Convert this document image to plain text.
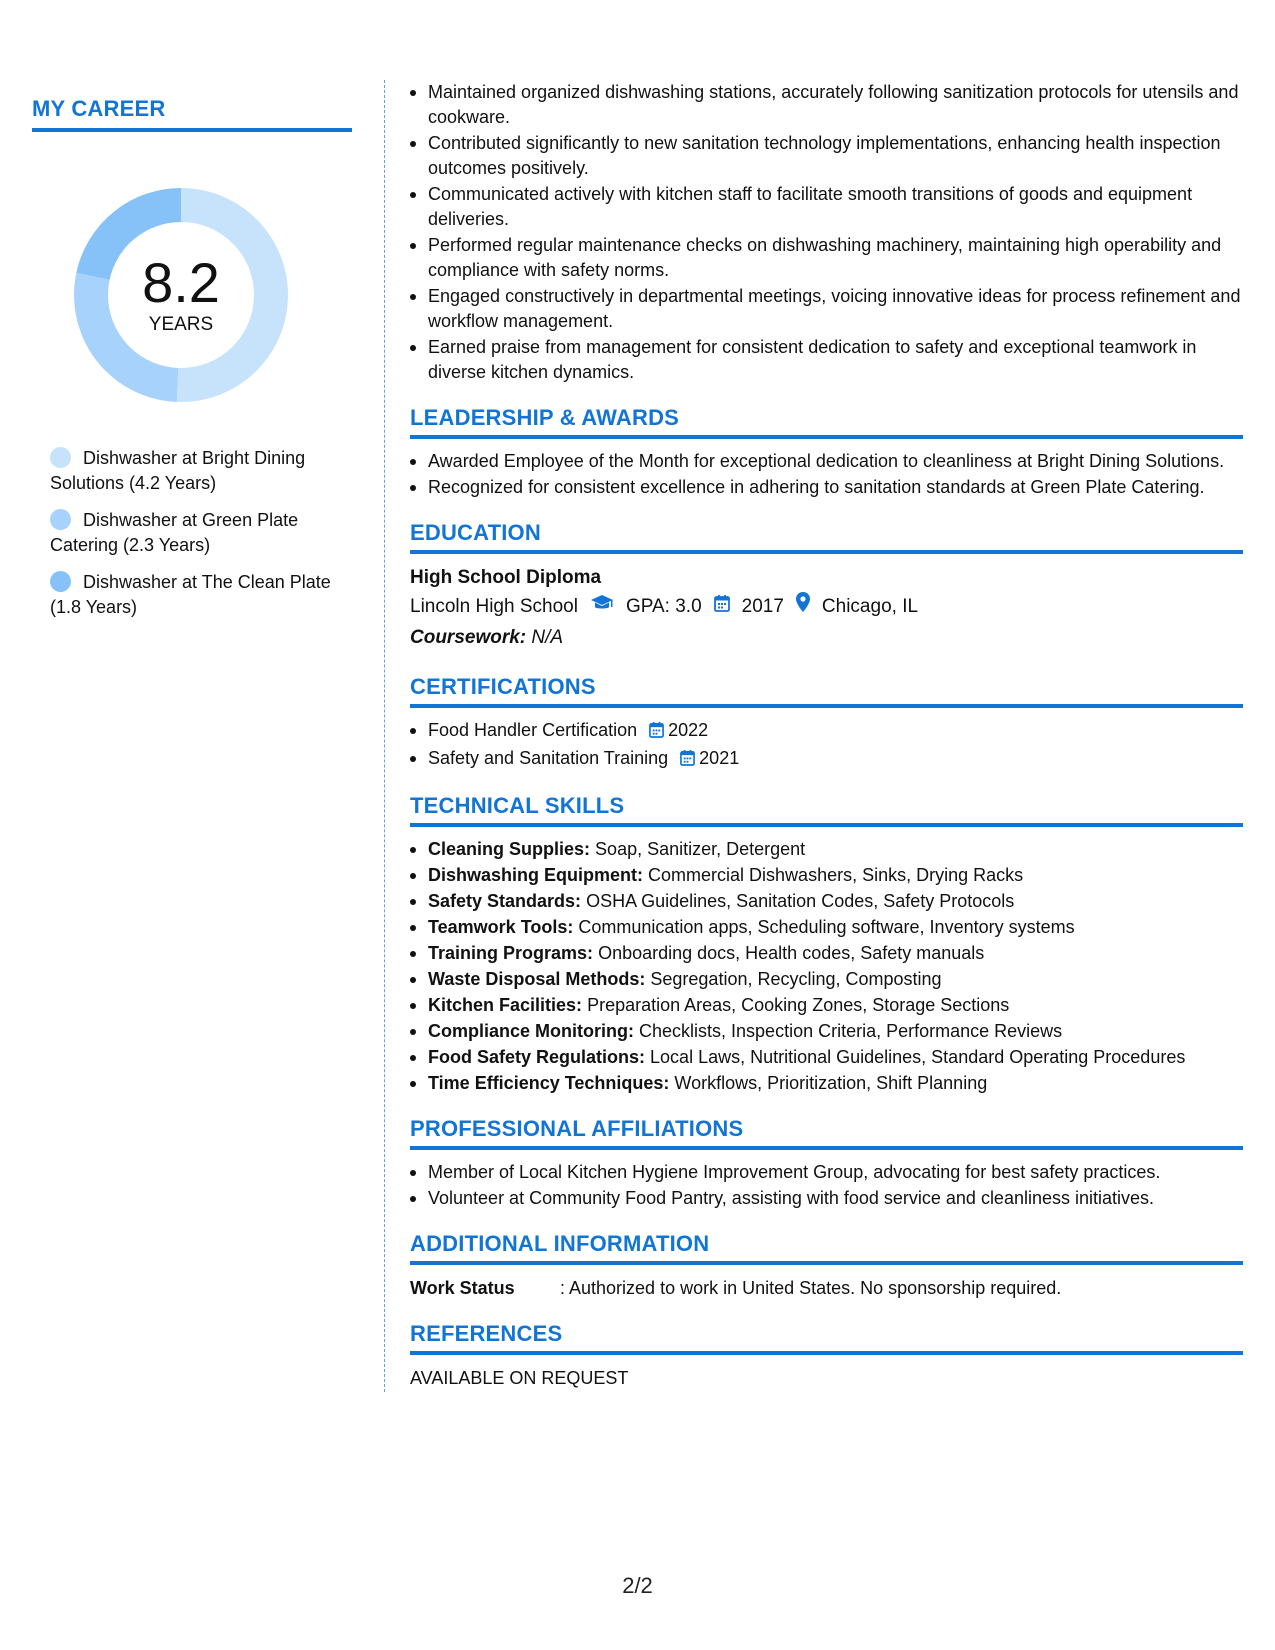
MY CAREER
8.2
YEARS
Dishwasher at Bright Dining Solutions (4.2 Years)
Dishwasher at Green Plate Catering (2.3 Years)
Dishwasher at The Clean Plate (1.8 Years)
Maintained organized dishwashing stations, accurately following sanitization protocols for utensils and cookware.
Contributed significantly to new sanitation technology implementations, enhancing health inspection outcomes positively.
Communicated actively with kitchen staff to facilitate smooth transitions of goods and equipment deliveries.
Performed regular maintenance checks on dishwashing machinery, maintaining high operability and compliance with safety norms.
Engaged constructively in departmental meetings, voicing innovative ideas for process refinement and workflow management.
Earned praise from management for consistent dedication to safety and exceptional teamwork in diverse kitchen dynamics.
LEADERSHIP & AWARDS
Awarded Employee of the Month for exceptional dedication to cleanliness at Bright Dining Solutions.
Recognized for consistent excellence in adhering to sanitation standards at Green Plate Catering.
EDUCATION
High School Diploma
Lincoln High School	GPA: 3.0 2017 Chicago, IL
Coursework: N/A
CERTIFICATIONS
Food Handler Certification 2022
Safety and Sanitation Training 2021
TECHNICAL SKILLS
Cleaning Supplies: Soap, Sanitizer, Detergent
Dishwashing Equipment: Commercial Dishwashers, Sinks, Drying Racks
Safety Standards: OSHA Guidelines, Sanitation Codes, Safety Protocols
Teamwork Tools: Communication apps, Scheduling software, Inventory systems
Training Programs: Onboarding docs, Health codes, Safety manuals
Waste Disposal Methods: Segregation, Recycling, Composting
Kitchen Facilities: Preparation Areas, Cooking Zones, Storage Sections
Compliance Monitoring: Checklists, Inspection Criteria, Performance Reviews
Food Safety Regulations: Local Laws, Nutritional Guidelines, Standard Operating Procedures
Time Efficiency Techniques: Workflows, Prioritization, Shift Planning
PROFESSIONAL AFFILIATIONS
Member of Local Kitchen Hygiene Improvement Group, advocating for best safety practices.
Volunteer at Community Food Pantry, assisting with food service and cleanliness initiatives.
ADDITIONAL INFORMATION
Work Status	: Authorized to work in United States. No sponsorship required.
REFERENCES
AVAILABLE ON REQUEST
2/2
